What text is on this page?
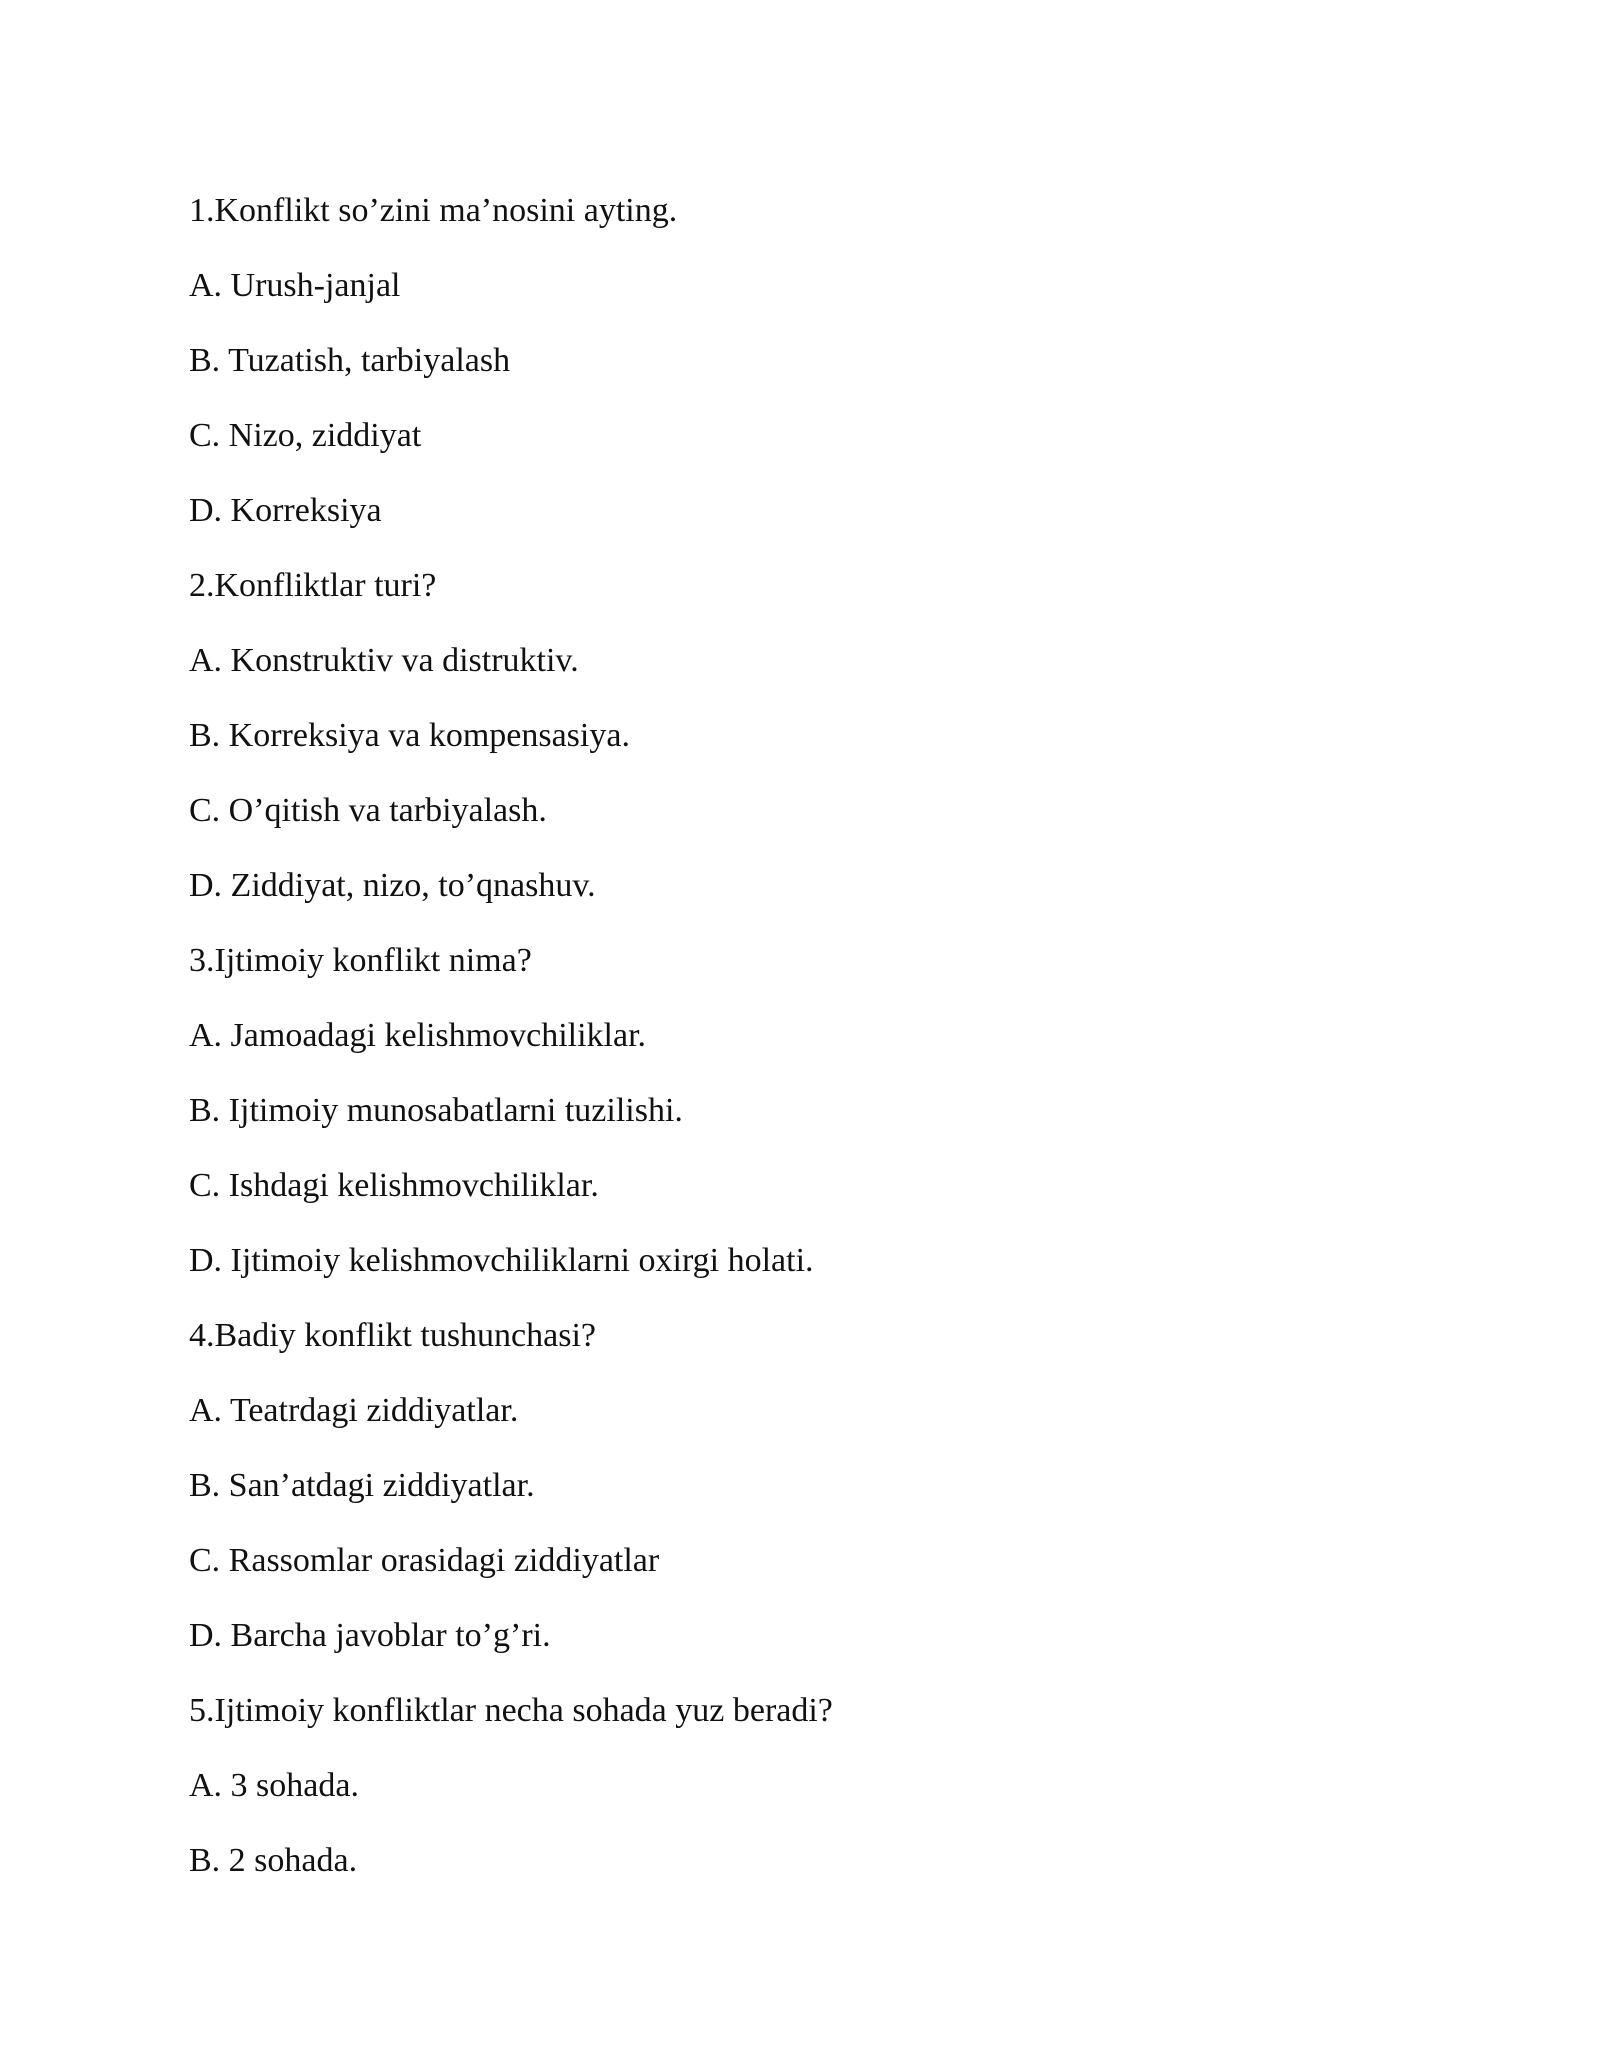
1.Konflikt so’zini ma’nosini ayting.
A. Urush-janjal
B. Tuzatish, tarbiyalash
C. Nizo, ziddiyat
D. Korreksiya
2.Konfliktlar turi?
A. Konstruktiv va distruktiv.
B. Korreksiya va kompensasiya.
C. O’qitish va tarbiyalash.
D. Ziddiyat, nizo, to’qnashuv.
3.Ijtimoiy konflikt nima?
A. Jamoadagi kelishmovchiliklar.
B. Ijtimoiy munosabatlarni tuzilishi.
C. Ishdagi kelishmovchiliklar.
D. Ijtimoiy kelishmovchiliklarni oxirgi holati.
4.Badiy konflikt tushunchasi?
A. Teatrdagi ziddiyatlar.
B. San’atdagi ziddiyatlar.
C. Rassomlar orasidagi ziddiyatlar
D. Barcha javoblar to’g’ri.
5.Ijtimoiy konfliktlar necha sohada yuz beradi?
A. 3 sohada.
B. 2 sohada.
